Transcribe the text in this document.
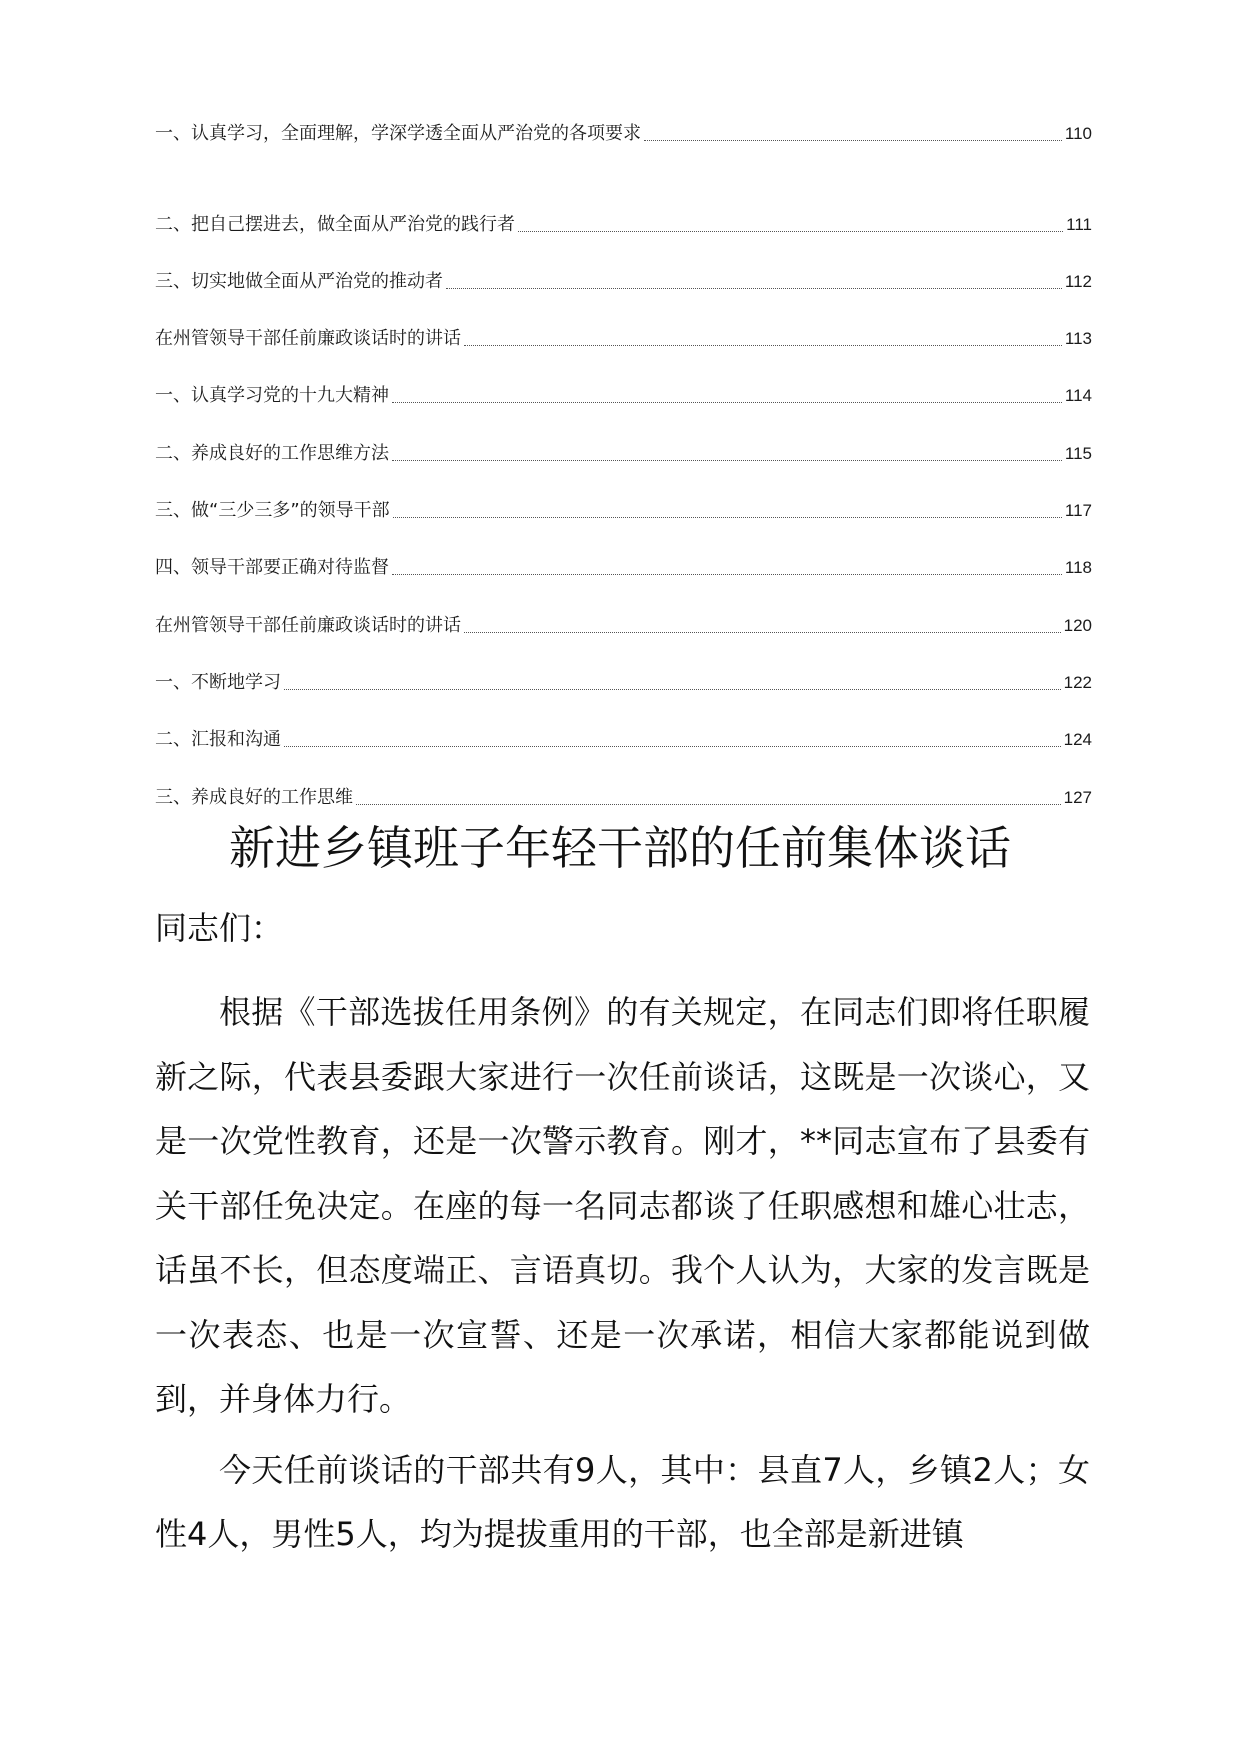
一、认真学习，全面理解，学深学透全面从严治党的各项要求	110
二、把自己摆进去，做全面从严治党的践行者	111
三、切实地做全面从严治党的推动者	112
在州管领导干部任前廉政谈话时的讲话	113
一、认真学习党的十九大精神	114
二、养成良好的工作思维方法	115
三、做“三少三多”的领导干部	117
四、领导干部要正确对待监督	118
在州管领导干部任前廉政谈话时的讲话	120
一、不断地学习	122
二、汇报和沟通	124
三、养成良好的工作思维	127
新进乡镇班子年轻干部的任前集体谈话

同志们：

根据《干部选拔任用条例》的有关规定，在同志们即将任职履新之际，代表县委跟大家进行一次任前谈话，这既是一次谈心，又是一次党性教育，还是一次警示教育。刚才，**同志宣布了县委有关干部任免决定。在座的每一名同志都谈了任职感想和雄心壮志，话虽不长，但态度端正、言语真切。我个人认为，大家的发言既是一次表态、也是一次宣誓、还是一次承诺，相信大家都能说到做到，并身体力行。

今天任前谈话的干部共有9人，其中：县直7人，乡镇2人；女性4人，男性5人，均为提拔重用的干部，也全部是新进镇
